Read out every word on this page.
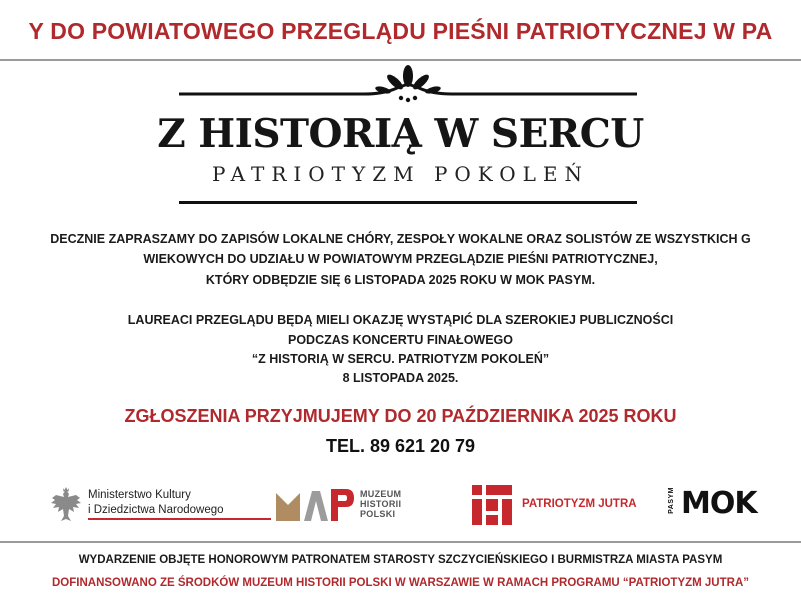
Y DO POWIATOWEGO PRZEGLĄDU PIEŚNI PATRIOTYCZNEJ W PA
Z HISTORIĄ W SERCU
PATRIOTYZM POKOLEŃ
DECZNIE ZAPRASZAMY DO ZAPISÓW LOKALNE CHÓRY, ZESPOŁY WOKALNE ORAZ SOLISTÓW ZE WSZYSTKICH G
WIEKOWYCH DO UDZIAŁU W POWIATOWYM PRZEGLĄDZIE PIEŚNI PATRIOTYCZNEJ,
KTÓRY ODBĘDZIE SIĘ 6 LISTOPADA 2025 ROKU W MOK PASYM.
LAUREACI PRZEGLĄDU BĘDĄ MIELI OKAZJĘ WYSTĄPIĆ DLA SZEROKIEJ PUBLICZNOŚCI
PODCZAS KONCERTU FINAŁOWEGO
“Z HISTORIĄ W SERCU. PATRIOTYZM POKOLEŃ”
8 LISTOPADA 2025.
ZGŁOSZENIA PRZYJMUJEMY DO 20 PAŹDZIERNIKA 2025 ROKU
TEL. 89 621 20 79
Ministerstwo Kultury
i Dziedzictwa Narodowego
MUZEUM
HISTORII
POLSKI
PATRIOTYZM JUTRA	PASYM MOK
WYDARZENIE OBJĘTE HONOROWYM PATRONATEM STAROSTY SZCZYCIEŃSKIEGO I BURMISTRZA MIASTA PASYM
DOFINANSOWANO ZE ŚRODKÓW MUZEUM HISTORII POLSKI W WARSZAWIE W RAMACH PROGRAMU “PATRIOTYZM JUTRA”
